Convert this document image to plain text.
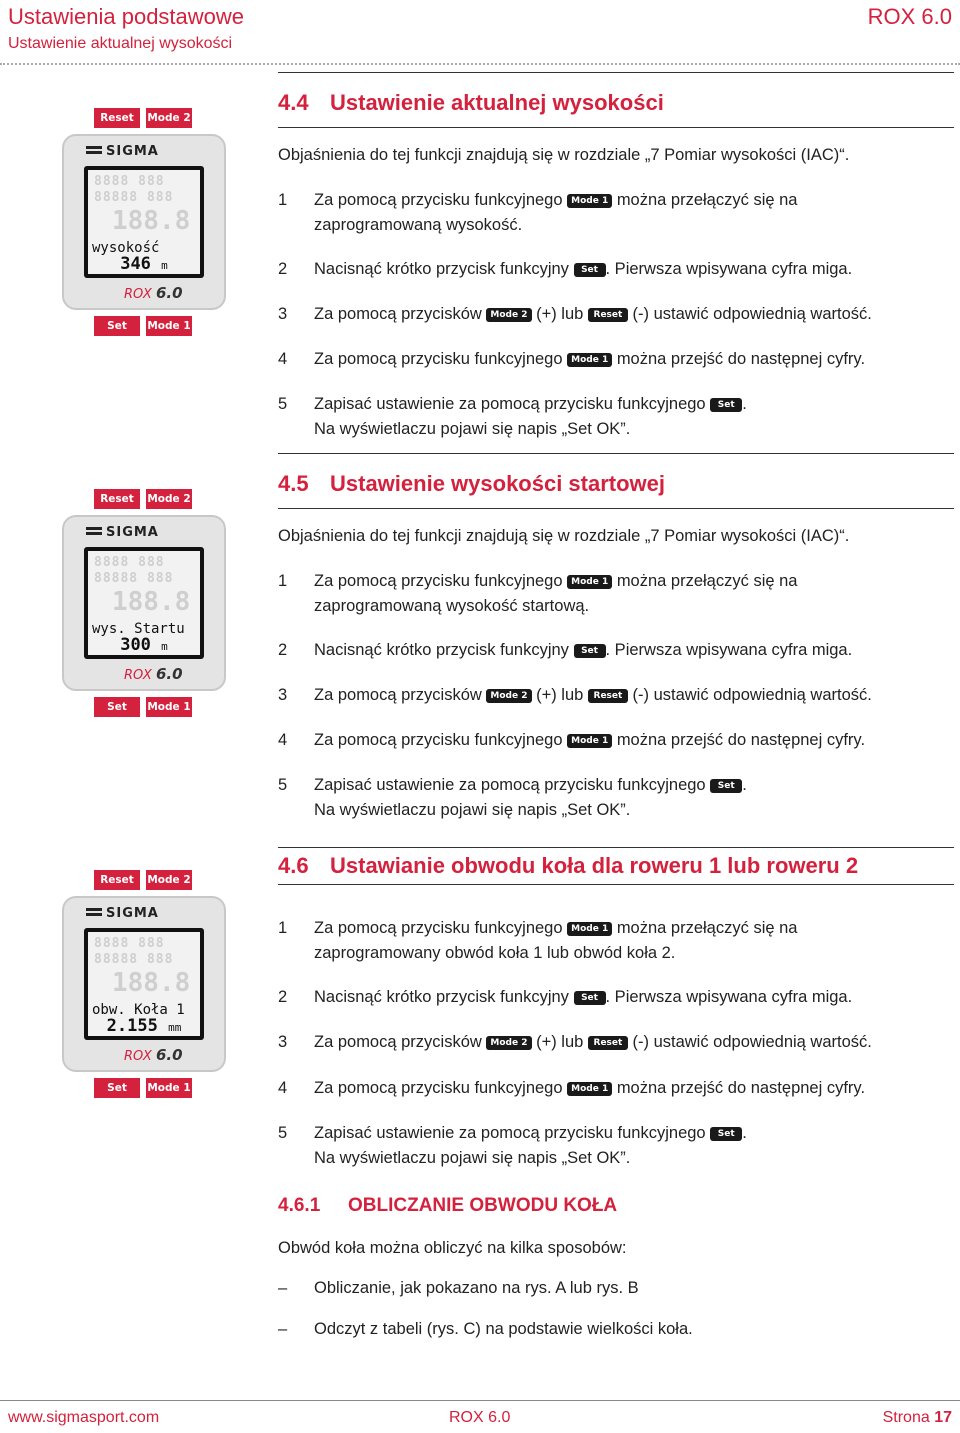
Ustawienia podstawowe
Ustawienie aktualnej wysokości
ROX 6.0
Reset	Mode 2
SIGMA
8888 888
88888 888
188.8
wysokość
346 m
ROX 6.0
Set	Mode 1
Reset	Mode 2
SIGMA
8888 888
88888 888
188.8
wys. Startu
300 m
ROX 6.0
Set	Mode 1
Reset	Mode 2
SIGMA
8888 888
88888 888
188.8
obw. Koła 1
2.155 mm
ROX 6.0
Set	Mode 1
4.4 Ustawienie aktualnej wysokości
Objaśnienia do tej funkcji znajdują się w rozdziale „7 Pomiar wysokości (IAC)“.
1 Za pomocą przycisku funkcyjnego Mode 1 można przełączyć się na
zaprogramowaną wysokość.
2 Nacisnąć krótko przycisk funkcyjny Set . Pierwsza wpisywana cyfra miga.
3 Za pomocą przycisków Mode 2 (+) lub Reset (-) ustawić odpowiednią wartość.
4 Za pomocą przycisku funkcyjnego Mode 1 można przejść do następnej cyfry.
5 Zapisać ustawienie za pomocą przycisku funkcyjnego Set .
Na wyświetlaczu pojawi się napis „Set OK”.
4.5 Ustawienie wysokości startowej
Objaśnienia do tej funkcji znajdują się w rozdziale „7 Pomiar wysokości (IAC)“.
1 Za pomocą przycisku funkcyjnego Mode 1 można przełączyć się na
zaprogramowaną wysokość startową.
2 Nacisnąć krótko przycisk funkcyjny Set . Pierwsza wpisywana cyfra miga.
3 Za pomocą przycisków Mode 2 (+) lub Reset (-) ustawić odpowiednią wartość.
4 Za pomocą przycisku funkcyjnego Mode 1 można przejść do następnej cyfry.
5 Zapisać ustawienie za pomocą przycisku funkcyjnego Set .
Na wyświetlaczu pojawi się napis „Set OK”.
4.6 Ustawianie obwodu koła dla roweru 1 lub roweru 2
1 Za pomocą przycisku funkcyjnego Mode 1 można przełączyć się na
zaprogramowany obwód koła 1 lub obwód koła 2.
2 Nacisnąć krótko przycisk funkcyjny Set . Pierwsza wpisywana cyfra miga.
3 Za pomocą przycisków Mode 2 (+) lub Reset (-) ustawić odpowiednią wartość.
4 Za pomocą przycisku funkcyjnego Mode 1 można przejść do następnej cyfry.
5 Zapisać ustawienie za pomocą przycisku funkcyjnego Set .
Na wyświetlaczu pojawi się napis „Set OK”.
4.6.1 OBLICZANIE OBWODU KOŁA
Obwód koła można obliczyć na kilka sposobów:
– Obliczanie, jak pokazano na rys. A lub rys. B
– Odczyt z tabeli (rys. C) na podstawie wielkości koła.
www.sigmasport.com	ROX 6.0	Strona 17
